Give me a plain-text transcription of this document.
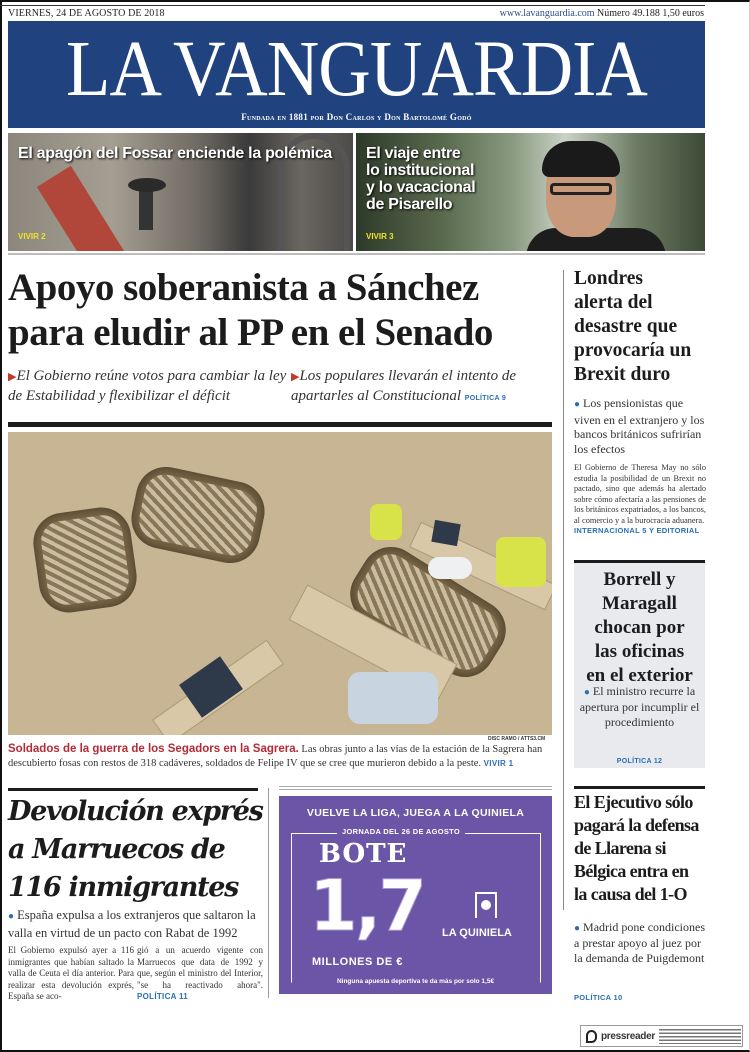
VIERNES, 24 DE AGOSTO DE 2018	www.lavanguardia.com Número 49.188 1,50 euros
LA VANGUARDIA
Fundada en 1881 por Don Carlos y Don Bartolomé Godó
El apagón del Fossar enciende la polémica
VIVIR 2
El viaje entre
lo institucional
y lo vacacional
de Pisarello
VIVIR 3
Apoyo soberanista a Sánchez
para eludir al PP en el Senado
▶El Gobierno reúne votos para cambiar la ley de Estabilidad y flexibilizar el déficit
▶Los populares llevarán el intento de apartarles al Constitucional POLÍTICA 9
DISC RAMO / ATTS3.CM
Soldados de la guerra de los Segadors en la Sagrera. Las obras junto a las vías de la estación de la Sagrera han descubierto fosas con restos de 318 cadáveres, soldados de Felipe IV que se cree que murieron debido a la peste. VIVIR 1
Devolución exprés
a Marruecos de
116 inmigrantes
● España expulsa a los extranjeros que saltaron la valla en virtud de un pacto con Rabat de 1992
El Gobierno expulsó ayer a 116 inmigrantes que habían saltado la valla de Ceuta el día anterior. Para realizar esta devolución exprés, España se aco-
gió a un acuerdo vigente con Marruecos que data de 1992 y que, según el ministro del Interior, "se ha reactivado ahora". POLÍTICA 11
VUELVE LA LIGA, JUEGA A LA QUINIELA
JORNADA DEL 26 DE AGOSTO
BOTE
1,7
MILLONES DE €
LA QUINIELA
Ninguna apuesta deportiva te da más por solo 1,5€
Londres
alerta del
desastre que
provocaría un
Brexit duro
● Los pensionistas que viven en el extranjero y los bancos británicos sufrirían los efectos
El Gobierno de Theresa May no sólo estudia la posibilidad de un Brexit no pactado, sino que además ha alertado sobre cómo afectaría a las pensiones de los británicos expatriados, a los bancos, al comercio y a la burocracia aduanera.
INTERNACIONAL 5 Y EDITORIAL
Borrell y
Maragall
chocan por
las oficinas
en el exterior
● El ministro recurre la apertura por incumplir el procedimiento
POLÍTICA 12
El Ejecutivo sólo
pagará la defensa
de Llarena si
Bélgica entra en
la causa del 1-O
● Madrid pone condiciones a prestar apoyo al juez por la demanda de Puigdemont
POLÍTICA 10
pressreader
